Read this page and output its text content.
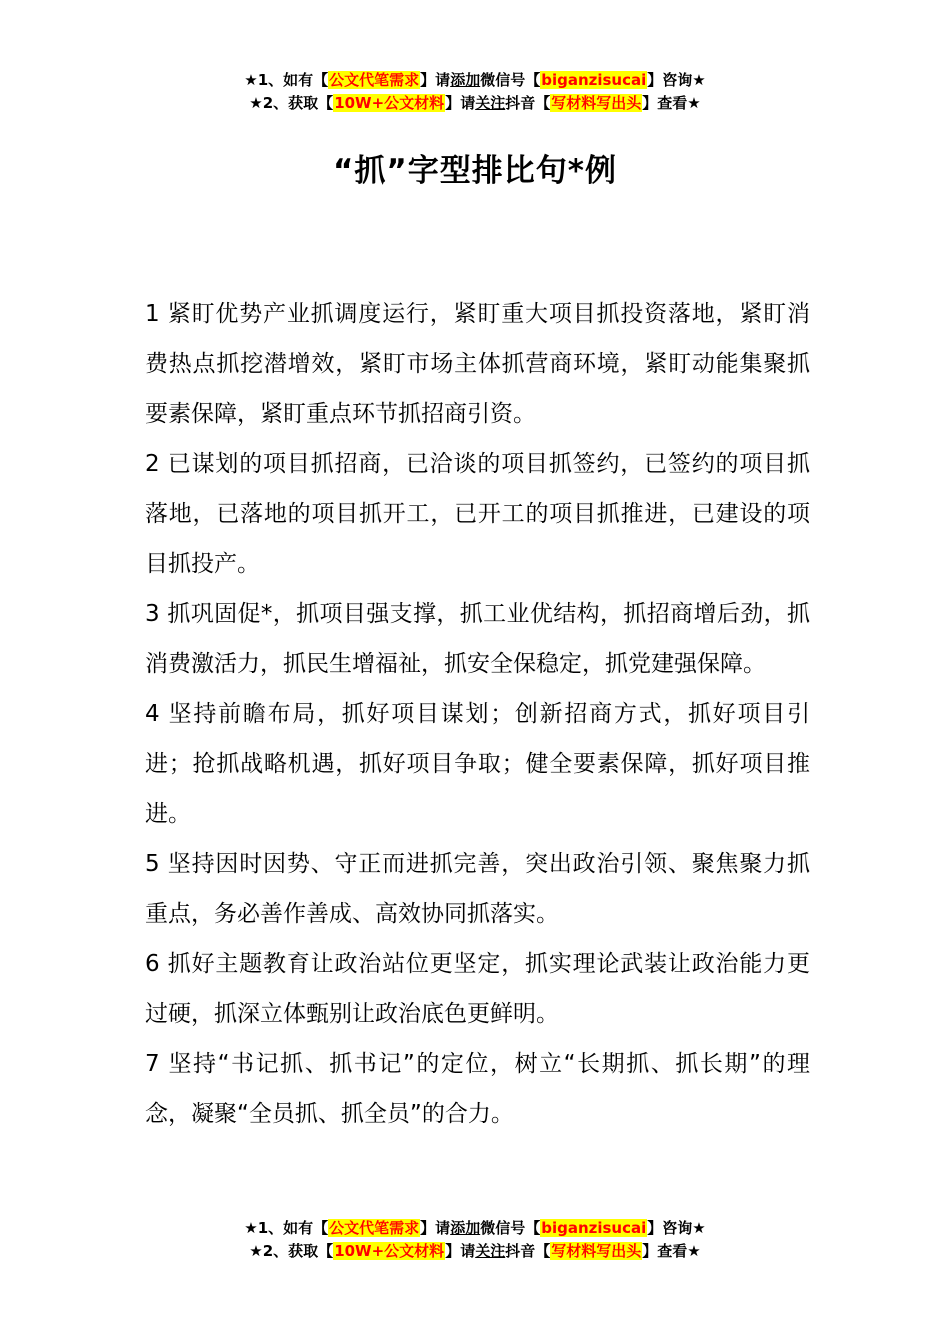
★1、如有【公文代笔需求】请添加微信号【biganzisucai】咨询★
★2、获取【10W+公文材料】请关注抖音【写材料写出头】查看★
“抓”字型排比句*例

1 紧盯优势产业抓调度运行，紧盯重大项目抓投资落地，紧盯消费热点抓挖潜增效，紧盯市场主体抓营商环境，紧盯动能集聚抓要素保障，紧盯重点环节抓招商引资。

2 已谋划的项目抓招商，已洽谈的项目抓签约，已签约的项目抓落地，已落地的项目抓开工，已开工的项目抓推进，已建设的项目抓投产。

3 抓巩固促*，抓项目强支撑，抓工业优结构，抓招商增后劲，抓消费激活力，抓民生增福祉，抓安全保稳定，抓党建强保障。

4 坚持前瞻布局，抓好项目谋划；创新招商方式，抓好项目引进；抢抓战略机遇，抓好项目争取；健全要素保障，抓好项目推进。

5 坚持因时因势、守正而进抓完善，突出政治引领、聚焦聚力抓重点，务必善作善成、高效协同抓落实。

6 抓好主题教育让政治站位更坚定，抓实理论武装让政治能力更过硬，抓深立体甄别让政治底色更鲜明。

7 坚持“书记抓、抓书记”的定位，树立“长期抓、抓长期”的理念，凝聚“全员抓、抓全员”的合力。

★1、如有【公文代笔需求】请添加微信号【biganzisucai】咨询★
★2、获取【10W+公文材料】请关注抖音【写材料写出头】查看★
